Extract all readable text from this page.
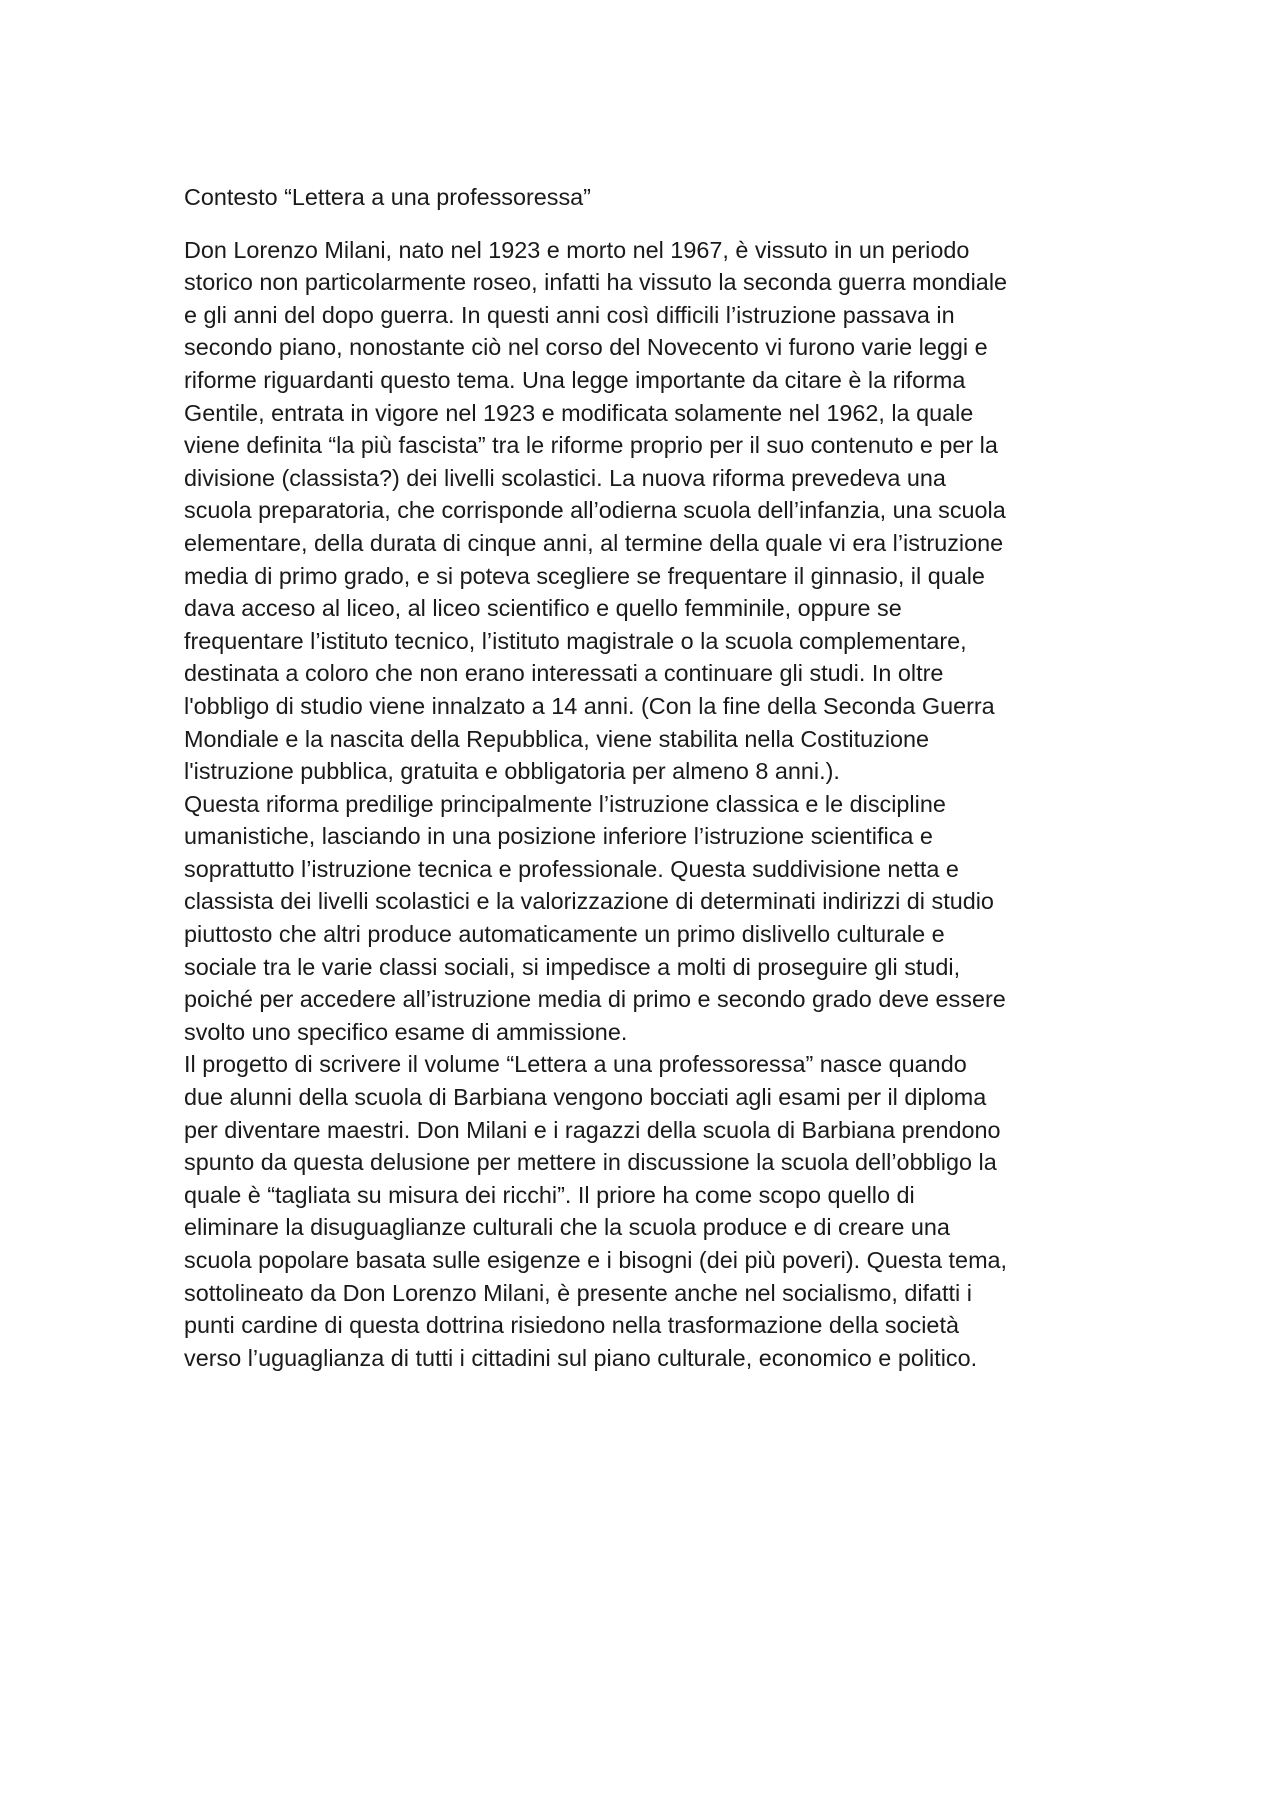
Contesto “Lettera a una professoressa”

Don Lorenzo Milani, nato nel 1923 e morto nel 1967, è vissuto in un periodo
storico non particolarmente roseo, infatti ha vissuto la seconda guerra mondiale
e gli anni del dopo guerra. In questi anni così difficili l’istruzione passava in
secondo piano, nonostante ciò nel corso del Novecento vi furono varie leggi e
riforme riguardanti questo tema. Una legge importante da citare è la riforma
Gentile, entrata in vigore nel 1923 e modificata solamente nel 1962, la quale
viene definita “la più fascista” tra le riforme proprio per il suo contenuto e per la
divisione (classista?) dei livelli scolastici. La nuova riforma prevedeva una
scuola preparatoria, che corrisponde all’odierna scuola dell’infanzia, una scuola
elementare, della durata di cinque anni, al termine della quale vi era l’istruzione
media di primo grado, e si poteva scegliere se frequentare il ginnasio, il quale
dava acceso al liceo, al liceo scientifico e quello femminile, oppure se
frequentare l’istituto tecnico, l’istituto magistrale o la scuola complementare,
destinata a coloro che non erano interessati a continuare gli studi. In oltre
l'obbligo di studio viene innalzato a 14 anni. (Con la fine della Seconda Guerra
Mondiale e la nascita della Repubblica, viene stabilita nella Costituzione
l'istruzione pubblica, gratuita e obbligatoria per almeno 8 anni.).

Questa riforma predilige principalmente l’istruzione classica e le discipline
umanistiche, lasciando in una posizione inferiore l’istruzione scientifica e
soprattutto l’istruzione tecnica e professionale. Questa suddivisione netta e
classista dei livelli scolastici e la valorizzazione di determinati indirizzi di studio
piuttosto che altri produce automaticamente un primo dislivello culturale e
sociale tra le varie classi sociali, si impedisce a molti di proseguire gli studi,
poiché per accedere all’istruzione media di primo e secondo grado deve essere
svolto uno specifico esame di ammissione.

Il progetto di scrivere il volume “Lettera a una professoressa” nasce quando
due alunni della scuola di Barbiana vengono bocciati agli esami per il diploma
per diventare maestri. Don Milani e i ragazzi della scuola di Barbiana prendono
spunto da questa delusione per mettere in discussione la scuola dell’obbligo la
quale è “tagliata su misura dei ricchi”. Il priore ha come scopo quello di
eliminare la disuguaglianze culturali che la scuola produce e di creare una
scuola popolare basata sulle esigenze e i bisogni (dei più poveri). Questa tema,
sottolineato da Don Lorenzo Milani, è presente anche nel socialismo, difatti i
punti cardine di questa dottrina risiedono nella trasformazione della società
verso l’uguaglianza di tutti i cittadini sul piano culturale, economico e politico.
